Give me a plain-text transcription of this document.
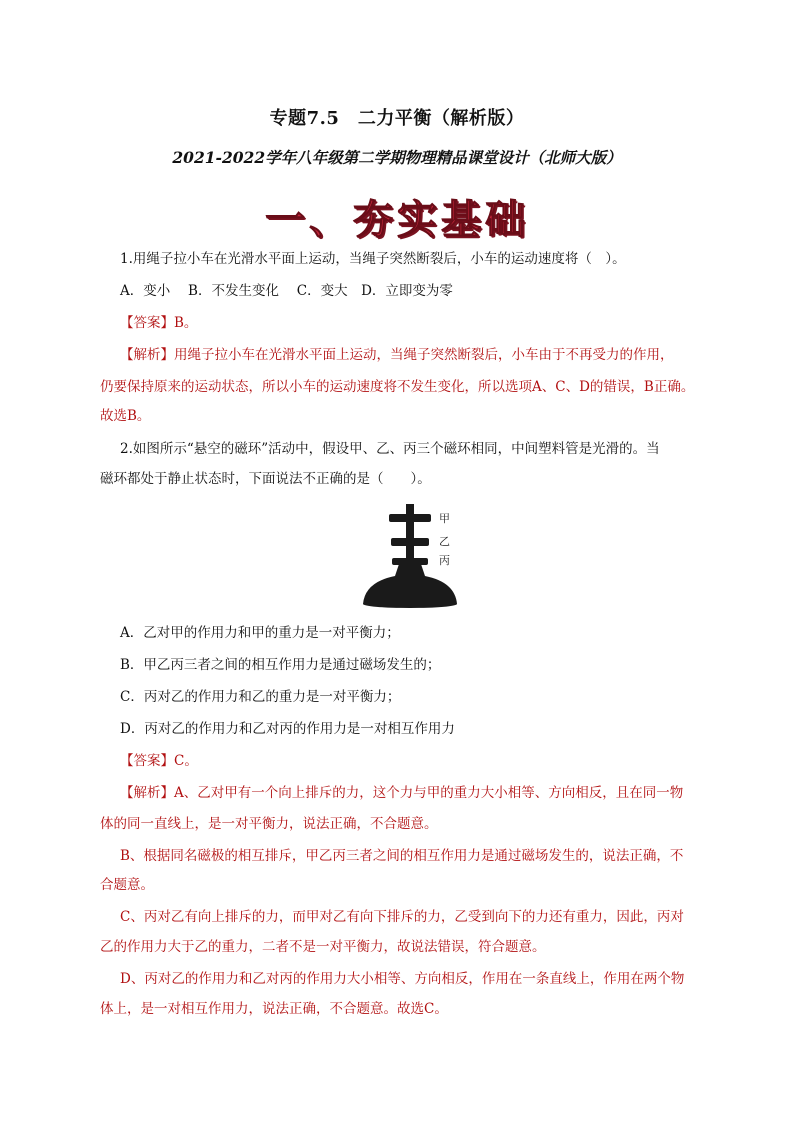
专题7.5　二力平衡（解析版）
2021-2022学年八年级第二学期物理精品课堂设计（北师大版）
一、夯实基础
1.用绳子拉小车在光滑水平面上运动，当绳子突然断裂后，小车的运动速度将（　）。
A．变小　 B．不发生变化　 C．变大　D．立即变为零
【答案】B。
【解析】用绳子拉小车在光滑水平面上运动，当绳子突然断裂后，小车由于不再受力的作用，
仍要保持原来的运动状态，所以小车的运动速度将不发生变化，所以选项A、C、D的错误，B正确。
故选B。
2.如图所示“悬空的磁环”活动中，假设甲、乙、丙三个磁环相同，中间塑料管是光滑的。当
磁环都处于静止状态时，下面说法不正确的是（　　）。
甲
乙
丙
A．乙对甲的作用力和甲的重力是一对平衡力；
B．甲乙丙三者之间的相互作用力是通过磁场发生的；
C．丙对乙的作用力和乙的重力是一对平衡力；
D．丙对乙的作用力和乙对丙的作用力是一对相互作用力
【答案】C。
【解析】A、乙对甲有一个向上排斥的力，这个力与甲的重力大小相等、方向相反，且在同一物
体的同一直线上，是一对平衡力，说法正确，不合题意。
B、根据同名磁极的相互排斥，甲乙丙三者之间的相互作用力是通过磁场发生的，说法正确，不
合题意。
C、丙对乙有向上排斥的力，而甲对乙有向下排斥的力，乙受到向下的力还有重力，因此，丙对
乙的作用力大于乙的重力，二者不是一对平衡力，故说法错误，符合题意。
D、丙对乙的作用力和乙对丙的作用力大小相等、方向相反，作用在一条直线上，作用在两个物
体上，是一对相互作用力，说法正确，不合题意。故选C。
